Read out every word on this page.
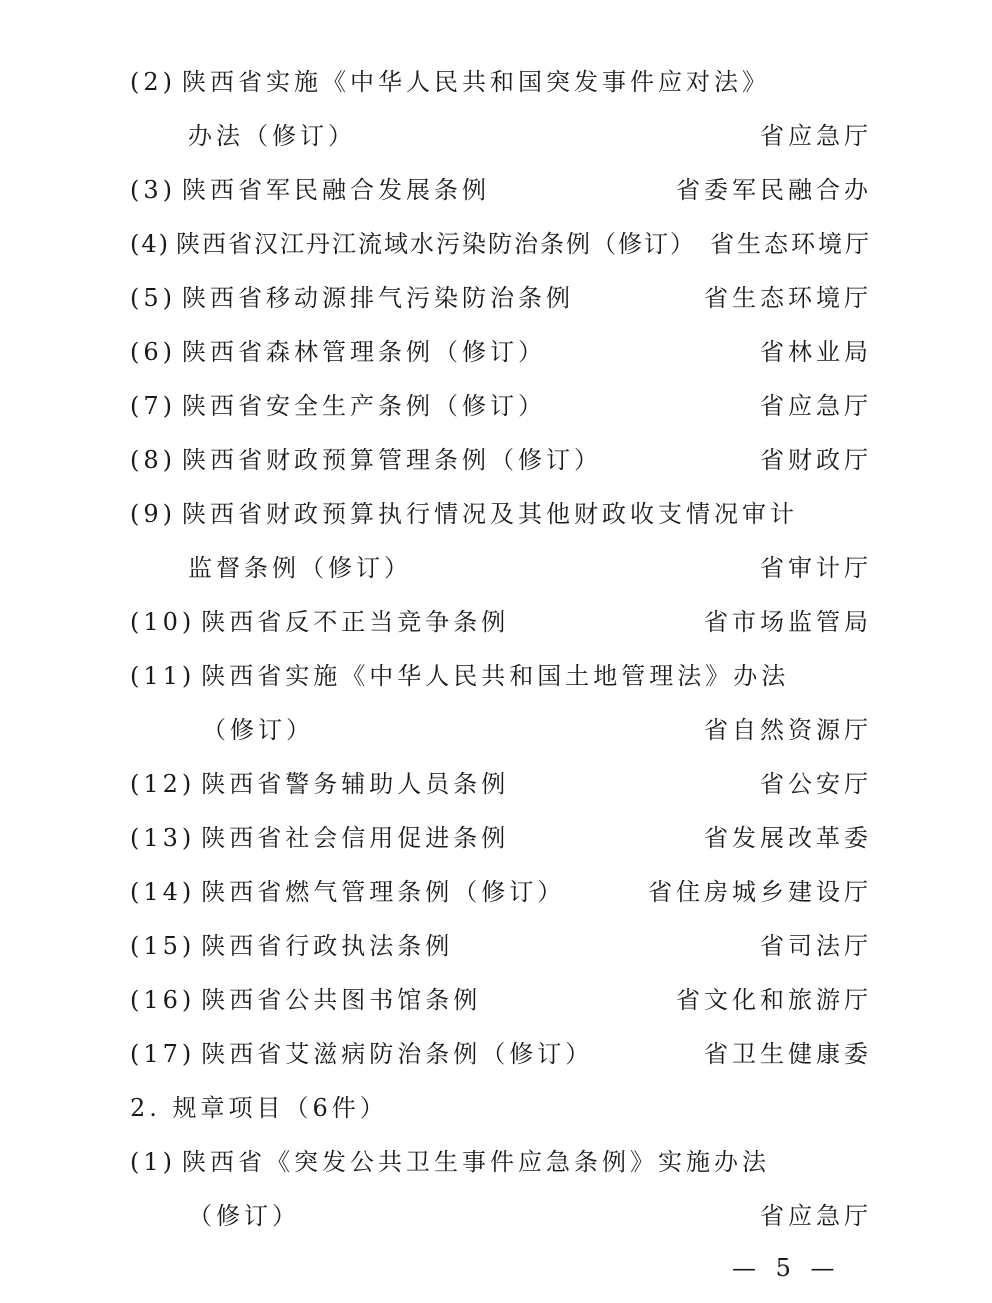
(2) 陕西省实施《中华人民共和国突发事件应对法》
办法（修订）	省应急厅
(3) 陕西省军民融合发展条例	省委军民融合办
(4) 陕西省汉江丹江流域水污染防治条例（修订） 省生态环境厅
(5) 陕西省移动源排气污染防治条例	省生态环境厅
(6) 陕西省森林管理条例（修订）	省林业局
(7) 陕西省安全生产条例（修订）	省应急厅
(8) 陕西省财政预算管理条例（修订）	省财政厅
(9) 陕西省财政预算执行情况及其他财政收支情况审计
监督条例（修订）	省审计厅
(10) 陕西省反不正当竞争条例	省市场监管局
(11) 陕西省实施《中华人民共和国土地管理法》办法
（修订）	省自然资源厅
(12) 陕西省警务辅助人员条例	省公安厅
(13) 陕西省社会信用促进条例	省发展改革委
(14) 陕西省燃气管理条例（修订）	省住房城乡建设厅
(15) 陕西省行政执法条例	省司法厅
(16) 陕西省公共图书馆条例	省文化和旅游厅
(17) 陕西省艾滋病防治条例（修订）	省卫生健康委
2. 规章项目（6件）
(1) 陕西省《突发公共卫生事件应急条例》实施办法
（修订）	省应急厅
— 5 —
